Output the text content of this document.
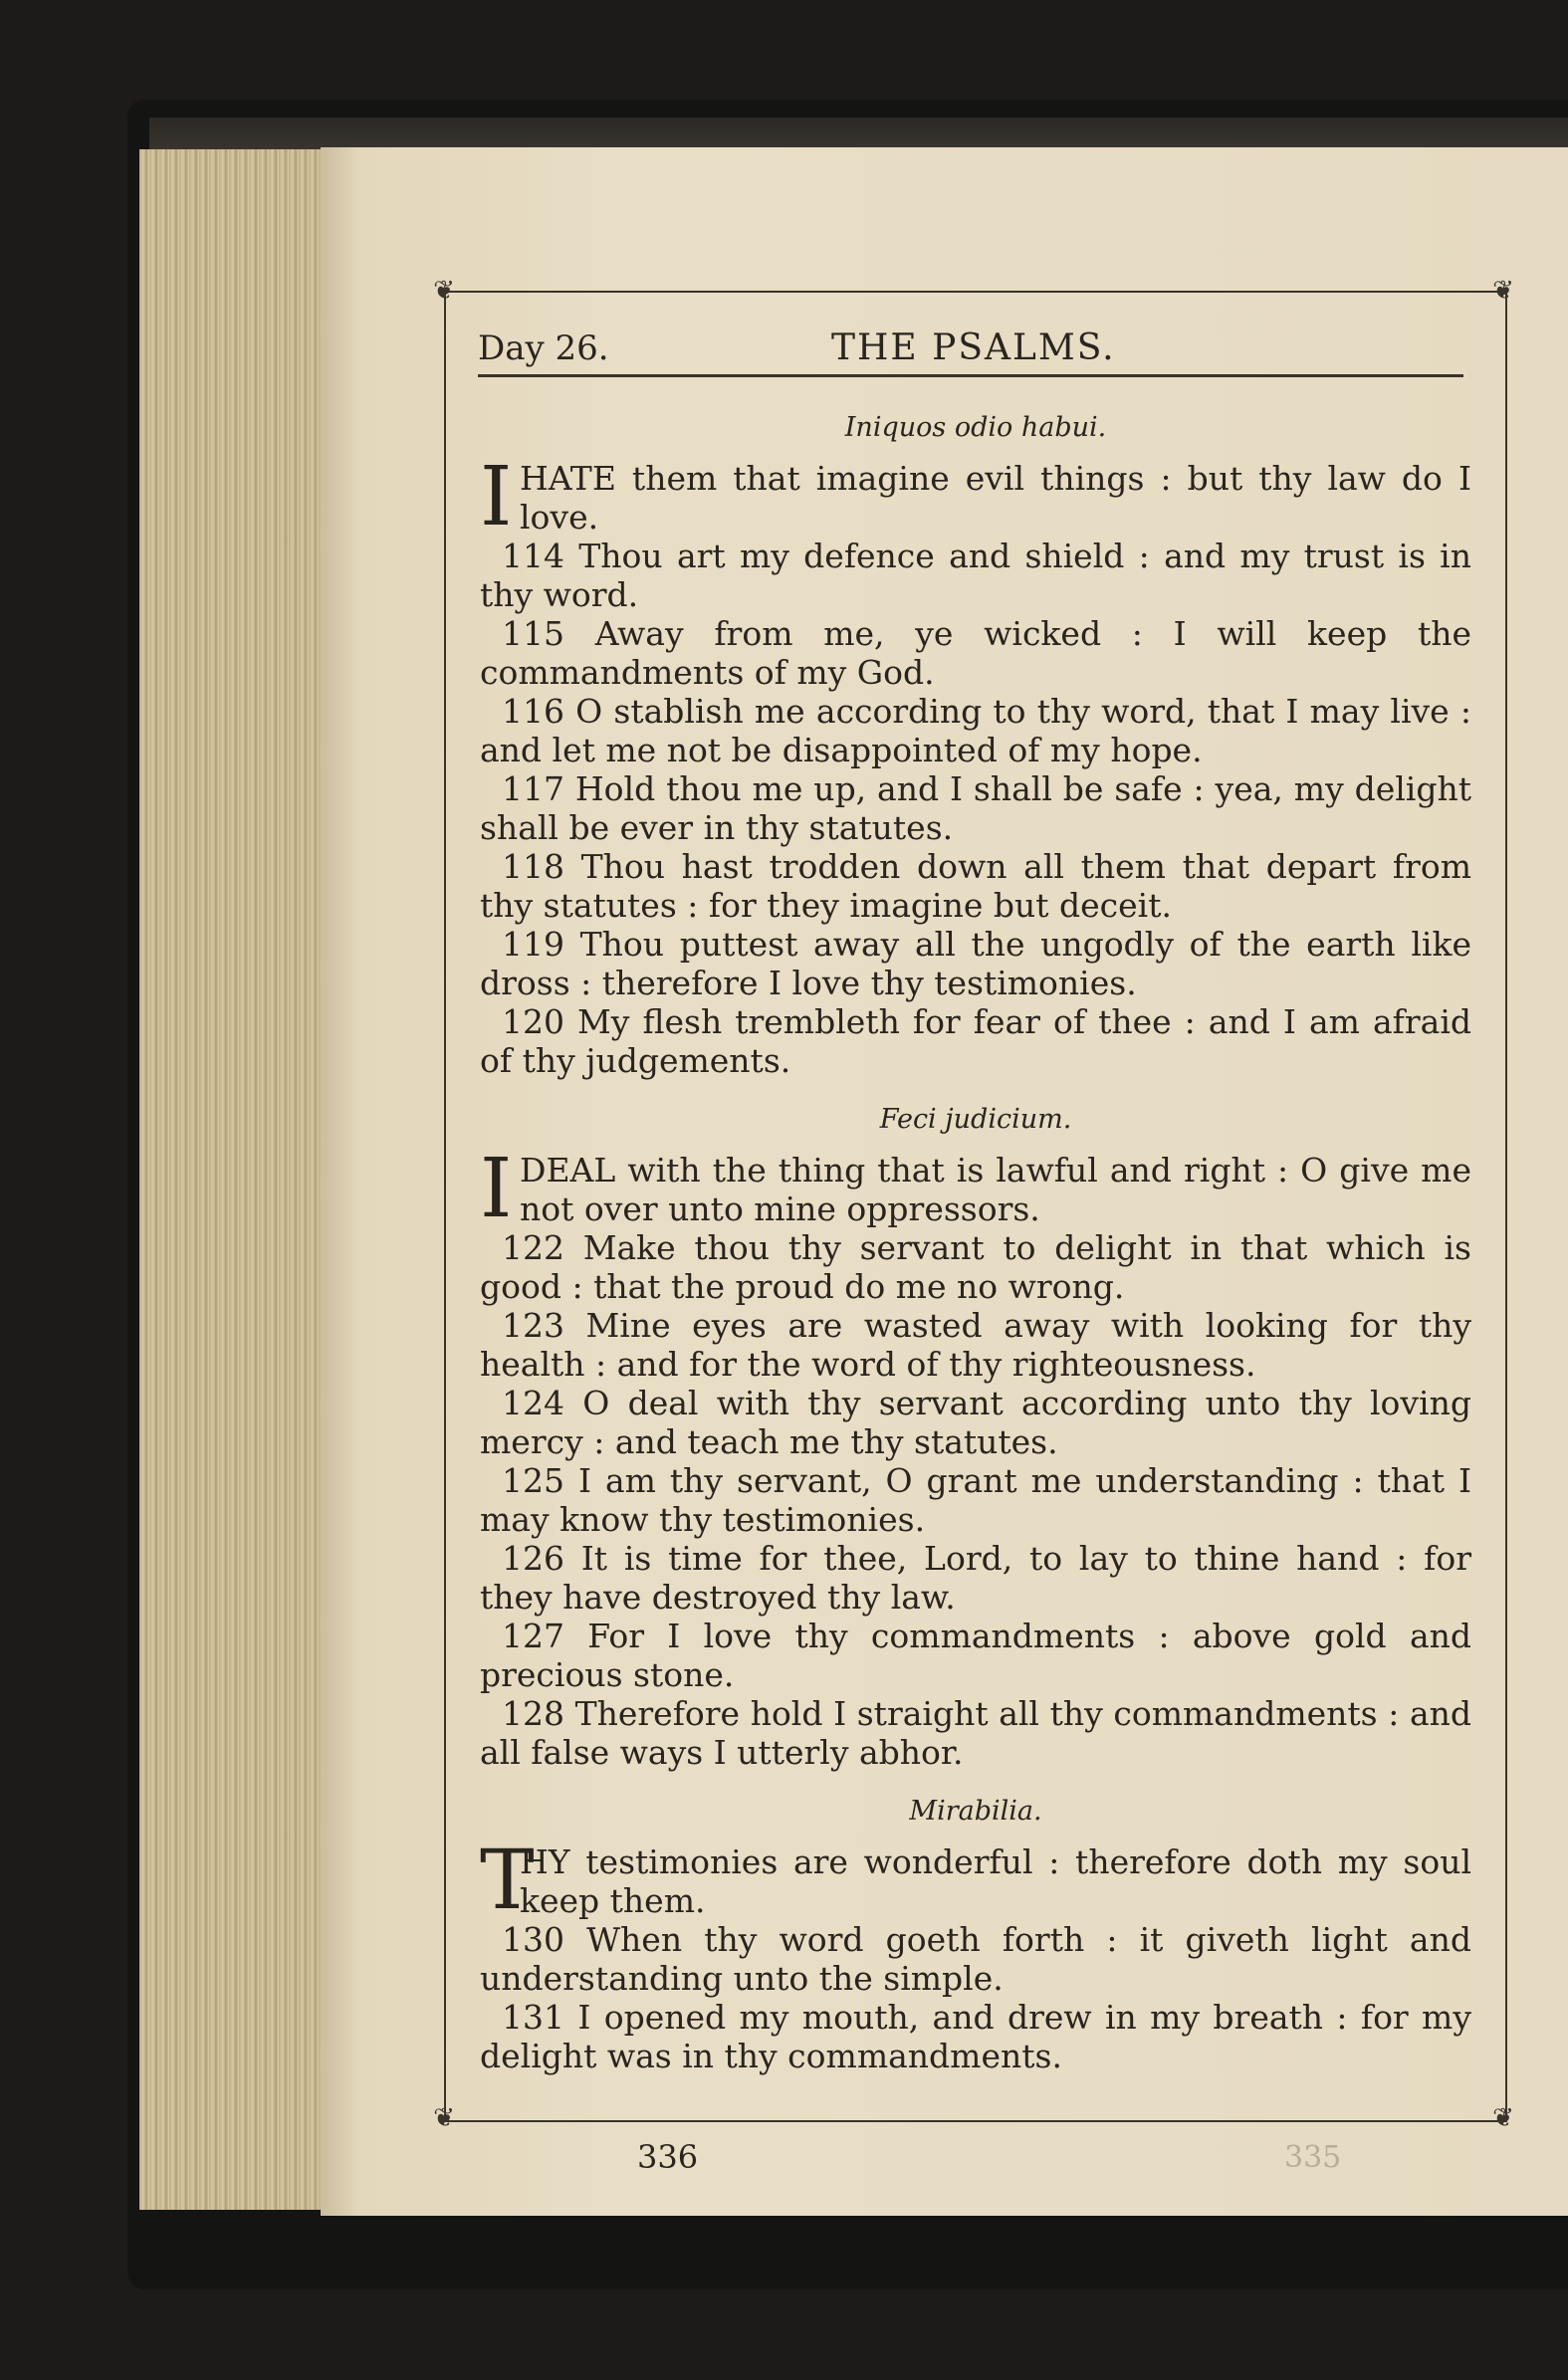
❦	❦
❦	❦
Day 26.	THE PSALMS.
Iniquos odio habui.

I HATE them that imagine evil things : but thy law do I love.

114 Thou art my defence and shield : and my trust is in thy word.

115 Away from me, ye wicked : I will keep the commandments of my God.

116 O stablish me according to thy word, that I may live : and let me not be disappointed of my hope.

117 Hold thou me up, and I shall be safe : yea, my delight shall be ever in thy statutes.

118 Thou hast trodden down all them that depart from thy statutes : for they imagine but deceit.

119 Thou puttest away all the ungodly of the earth like dross : therefore I love thy testimonies.

120 My flesh trembleth for fear of thee : and I am afraid of thy judgements.

Feci judicium.

I DEAL with the thing that is lawful and right : O give me not over unto mine oppressors.

122 Make thou thy servant to delight in that which is good : that the proud do me no wrong.

123 Mine eyes are wasted away with looking for thy health : and for the word of thy righteousness.

124 O deal with thy servant according unto thy loving mercy : and teach me thy statutes.

125 I am thy servant, O grant me understanding : that I may know thy testimonies.

126 It is time for thee, Lord, to lay to thine hand : for they have destroyed thy law.

127 For I love thy commandments : above gold and precious stone.

128 Therefore hold I straight all thy commandments : and all false ways I utterly abhor.

Mirabilia.

T
HY testimonies are wonderful : therefore doth my soul keep them.

130 When thy word goeth forth : it giveth light and understanding unto the simple.

131 I opened my mouth, and drew in my breath : for my delight was in thy commandments.

336	335
